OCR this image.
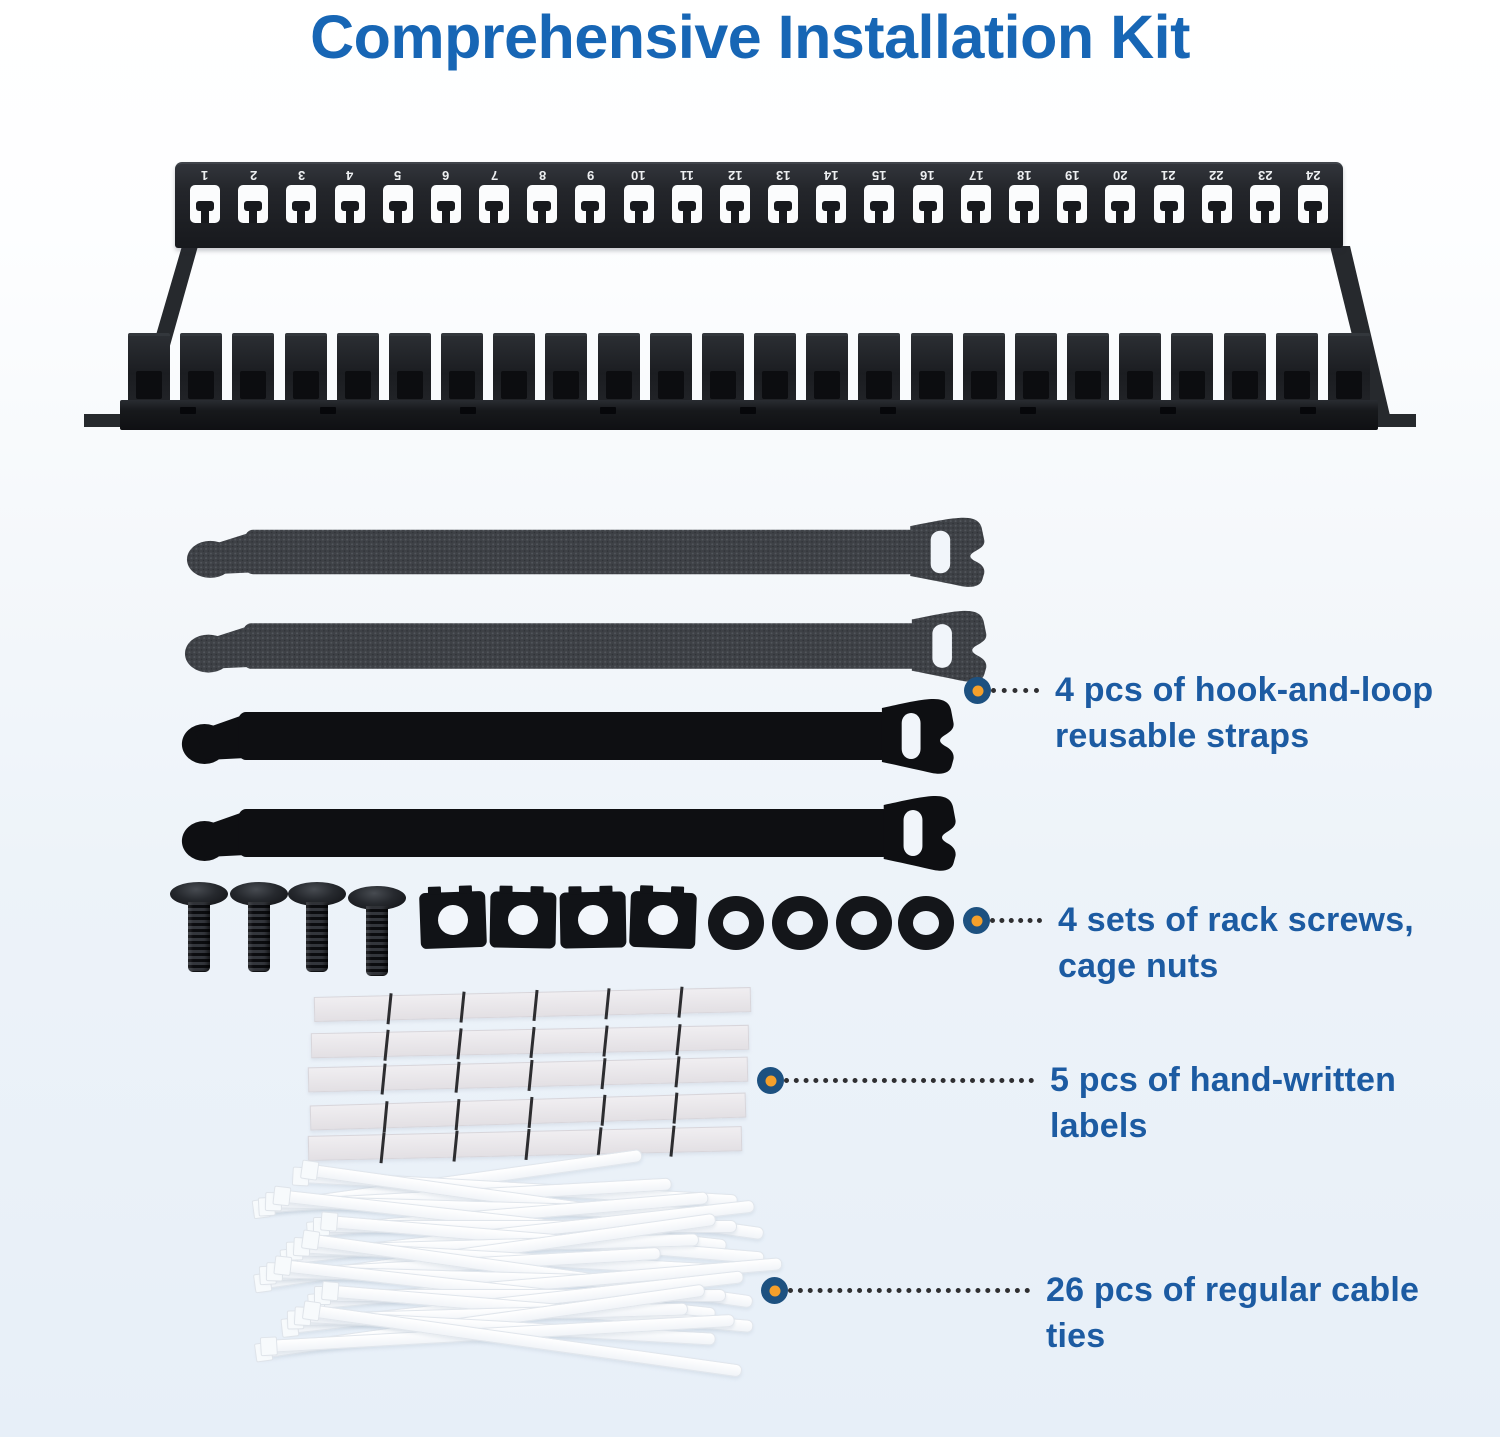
Comprehensive Installation Kit
1	2	3	4	5	6	7	8	9	10	11	12	13	14	15	16	17	18	19	20	21	22	23	24
4 pcs of hook-and-loop reusable straps
4 sets of rack screws, cage nuts
5 pcs of hand-written labels
26 pcs of regular cable ties
